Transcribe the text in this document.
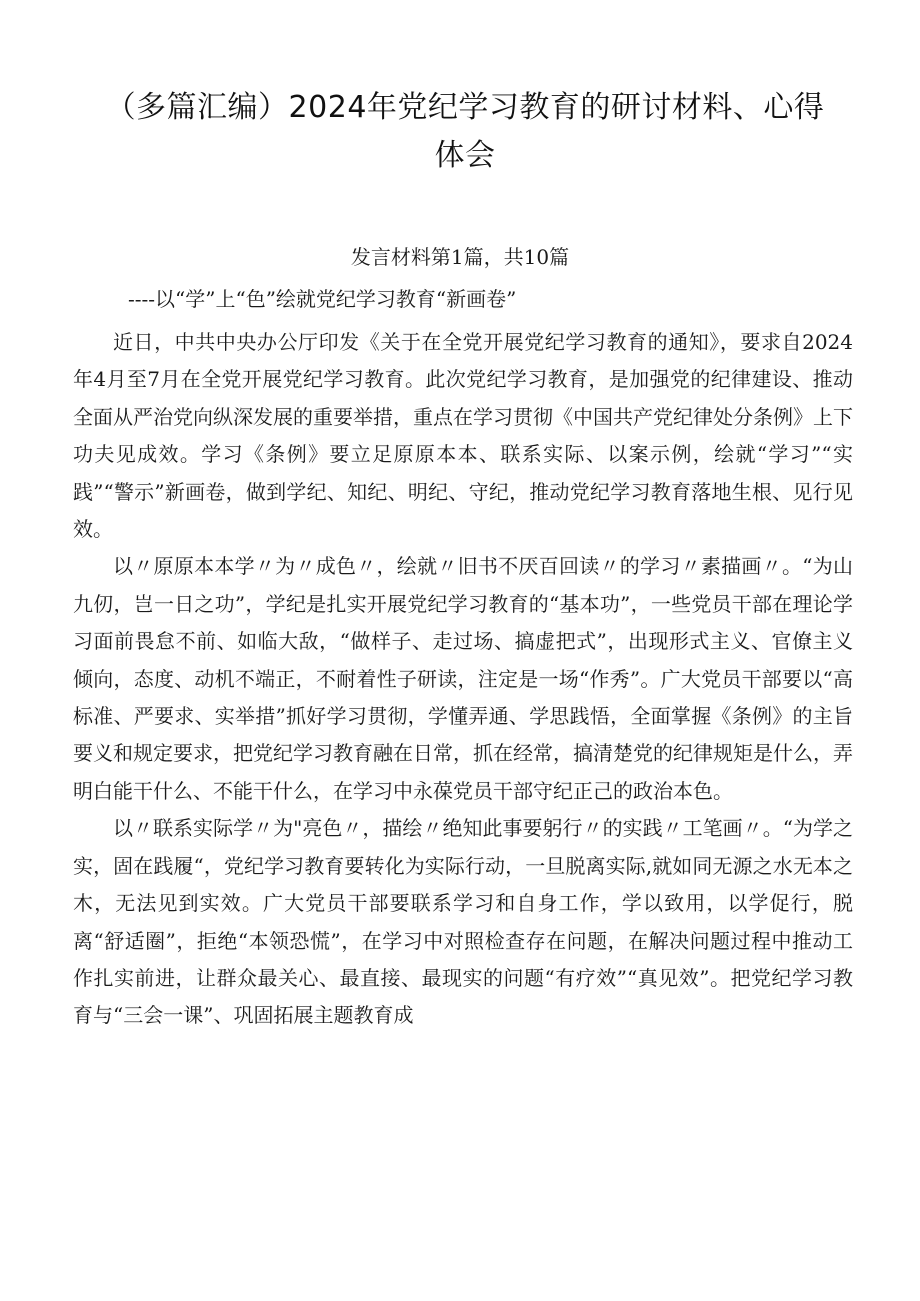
（多篇汇编）2024年党纪学习教育的研讨材料、心得体会
发言材料第1篇，共10篇
----以“学”上“色”绘就党纪学习教育“新画卷”

近日，中共中央办公厅印发《关于在全党开展党纪学习教育的通知》，要求自2024年4月至7月在全党开展党纪学习教育。此次党纪学习教育，是加强党的纪律建设、推动全面从严治党向纵深发展的重要举措，重点在学习贯彻《中国共产党纪律处分条例》上下功夫见成效。学习《条例》要立足原原本本、联系实际、以案示例，绘就“学习”“实践”“警示”新画卷，做到学纪、知纪、明纪、守纪，推动党纪学习教育落地生根、见行见效。

以〃原原本本学〃为〃成色〃，绘就〃旧书不厌百回读〃的学习〃素描画〃。“为山九仞，岂一日之功”，学纪是扎实开展党纪学习教育的“基本功”，一些党员干部在理论学习面前畏怠不前、如临大敌，“做样子、走过场、搞虚把式”，出现形式主义、官僚主义倾向，态度、动机不端正，不耐着性子研读，注定是一场“作秀”。广大党员干部要以“高标准、严要求、实举措”抓好学习贯彻，学懂弄通、学思践悟，全面掌握《条例》的主旨要义和规定要求，把党纪学习教育融在日常，抓在经常，搞清楚党的纪律规矩是什么，弄明白能干什么、不能干什么，在学习中永葆党员干部守纪正己的政治本色。

以〃联系实际学〃为"亮色〃，描绘〃绝知此事要躬行〃的实践〃工笔画〃。“为学之实，固在践履“，党纪学习教育要转化为实际行动，一旦脱离实际,就如同无源之水无本之木，无法见到实效。广大党员干部要联系学习和自身工作，学以致用，以学促行，脱离“舒适圈”，拒绝“本领恐慌”，在学习中对照检查存在问题，在解决问题过程中推动工作扎实前进，让群众最关心、最直接、最现实的问题“有疗效”“真见效”。把党纪学习教育与“三会一课”、巩固拓展主题教育成
